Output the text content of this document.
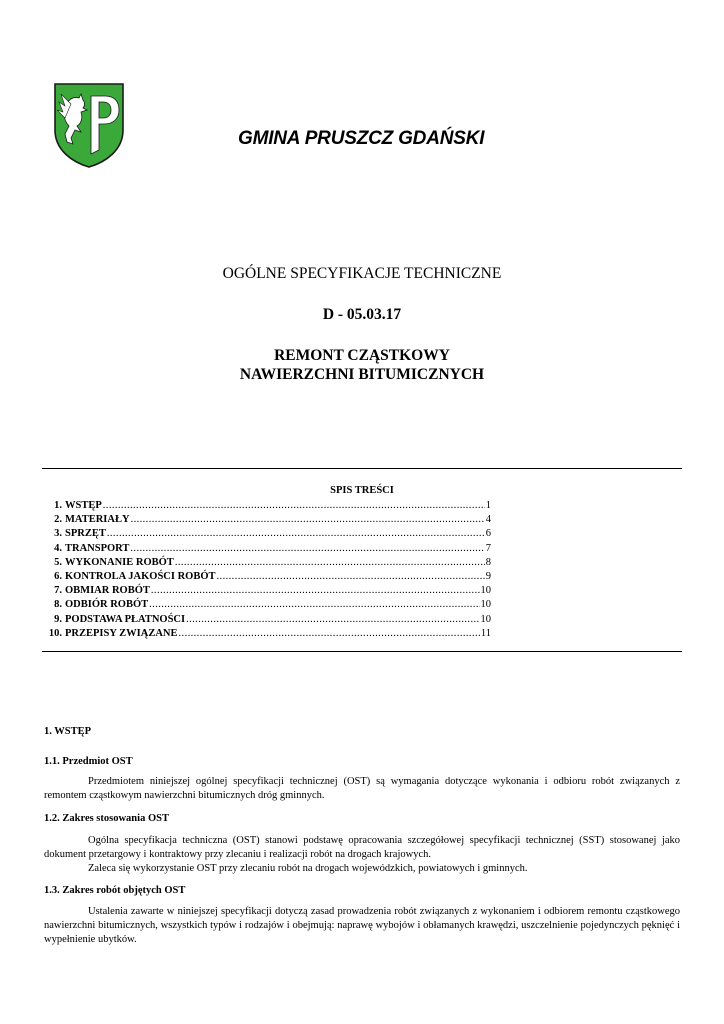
GMINA PRUSZCZ GDAŃSKI
OGÓLNE SPECYFIKACJE TECHNICZNE
D - 05.03.17
REMONT CZĄSTKOWY
NAWIERZCHNI BITUMICZNYCH
SPIS TREŚCI
1. WSTĘP .....	1
2. MATERIAŁY .....	4
3. SPRZĘT .....	6
4. TRANSPORT .....	7
5. WYKONANIE ROBÓT .....	8
6. KONTROLA JAKOŚCI ROBÓT .....	9
7. OBMIAR ROBÓT .....	10
8. ODBIÓR ROBÓT .....	10
9. PODSTAWA PŁATNOŚCI .....	10
10. PRZEPISY ZWIĄZANE .....	11
1. WSTĘP
1.1. Przedmiot OST

Przedmiotem niniejszej ogólnej specyfikacji technicznej (OST) są wymagania dotyczące wykonania i odbioru robót związanych z remontem cząstkowym nawierzchni bitumicznych dróg gminnych.

1.2. Zakres stosowania OST

Ogólna specyfikacja techniczna (OST) stanowi podstawę opracowania szczegółowej specyfikacji technicznej (SST) stosowanej jako dokument przetargowy i kontraktowy przy zlecaniu i realizacji robót na drogach krajowych.

Zaleca się wykorzystanie OST przy zlecaniu robót na drogach wojewódzkich, powiatowych i gminnych.

1.3. Zakres robót objętych OST

Ustalenia zawarte w niniejszej specyfikacji dotyczą zasad prowadzenia robót związanych z wykonaniem i odbiorem remontu cząstkowego nawierzchni bitumicznych, wszystkich typów i rodzajów i obejmują: naprawę wybojów i obłamanych krawędzi, uszczelnienie pojedynczych pęknięć i wypełnienie ubytków.
